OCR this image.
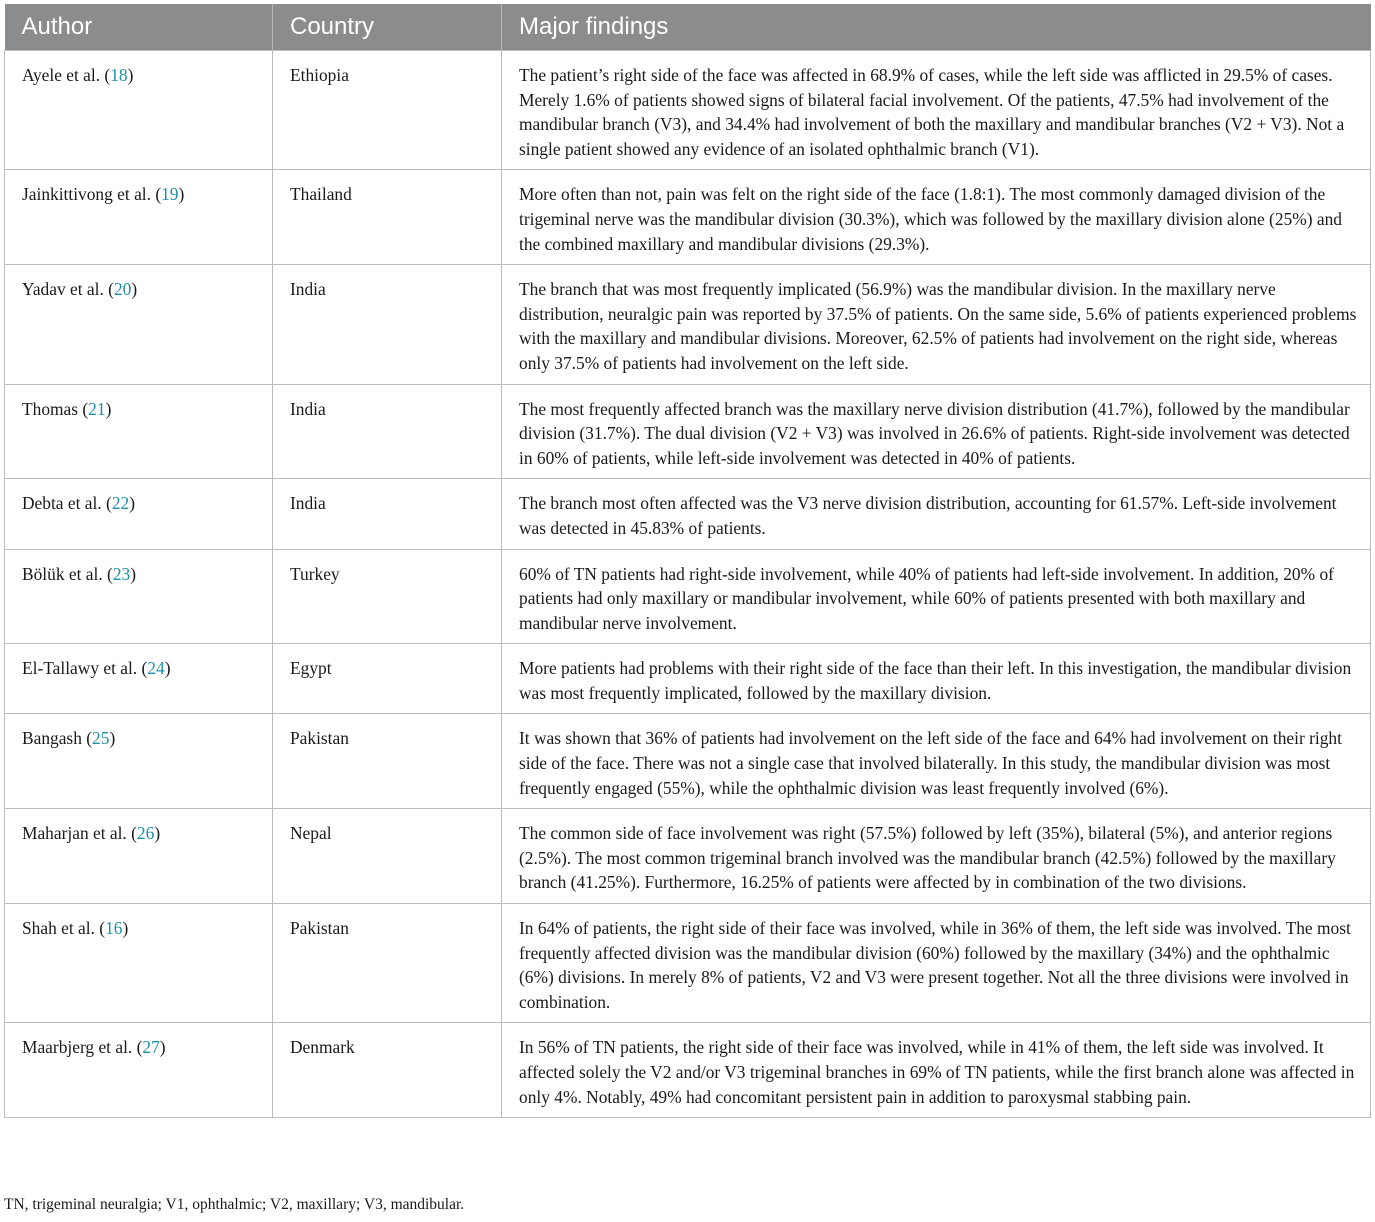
Author	Country	Major findings
Ayele et al. (18)	Ethiopia	The patient’s right side of the face was affected in 68.9% of cases, while the left side was afflicted in 29.5% of cases. Merely 1.6% of patients showed signs of bilateral facial involvement. Of the patients, 47.5% had involvement of the mandibular branch (V3), and 34.4% had involvement of both the maxillary and mandibular branches (V2 + V3). Not a single patient showed any evidence of an isolated ophthalmic branch (V1).
Jainkittivong et al. (19)	Thailand	More often than not, pain was felt on the right side of the face (1.8:1). The most commonly damaged division of the trigeminal nerve was the mandibular division (30.3%), which was followed by the maxillary division alone (25%) and the combined maxillary and mandibular divisions (29.3%).
Yadav et al. (20)	India	The branch that was most frequently implicated (56.9%) was the mandibular division. In the maxillary nerve distribution, neuralgic pain was reported by 37.5% of patients. On the same side, 5.6% of patients experienced problems with the maxillary and mandibular divisions. Moreover, 62.5% of patients had involvement on the right side, whereas only 37.5% of patients had involvement on the left side.
Thomas (21)	India	The most frequently affected branch was the maxillary nerve division distribution (41.7%), followed by the mandibular division (31.7%). The dual division (V2 + V3) was involved in 26.6% of patients. Right-side involvement was detected in 60% of patients, while left-side involvement was detected in 40% of patients.
Debta et al. (22)	India	The branch most often affected was the V3 nerve division distribution, accounting for 61.57%. Left-side involvement was detected in 45.83% of patients.
Bölük et al. (23)	Turkey	60% of TN patients had right-side involvement, while 40% of patients had left-side involvement. In addition, 20% of patients had only maxillary or mandibular involvement, while 60% of patients presented with both maxillary and mandibular nerve involvement.
El-Tallawy et al. (24)	Egypt	More patients had problems with their right side of the face than their left. In this investigation, the mandibular division was most frequently implicated, followed by the maxillary division.
Bangash (25)	Pakistan	It was shown that 36% of patients had involvement on the left side of the face and 64% had involvement on their right side of the face. There was not a single case that involved bilaterally. In this study, the mandibular division was most frequently engaged (55%), while the ophthalmic division was least frequently involved (6%).
Maharjan et al. (26)	Nepal	The common side of face involvement was right (57.5%) followed by left (35%), bilateral (5%), and anterior regions (2.5%). The most common trigeminal branch involved was the mandibular branch (42.5%) followed by the maxillary branch (41.25%). Furthermore, 16.25% of patients were affected by in combination of the two divisions.
Shah et al. (16)	Pakistan	In 64% of patients, the right side of their face was involved, while in 36% of them, the left side was involved. The most frequently affected division was the mandibular division (60%) followed by the maxillary (34%) and the ophthalmic (6%) divisions. In merely 8% of patients, V2 and V3 were present together. Not all the three divisions were involved in combination.
Maarbjerg et al. (27)	Denmark	In 56% of TN patients, the right side of their face was involved, while in 41% of them, the left side was involved. It affected solely the V2 and/or V3 trigeminal branches in 69% of TN patients, while the first branch alone was affected in only 4%. Notably, 49% had concomitant persistent pain in addition to paroxysmal stabbing pain.
TN, trigeminal neuralgia; V1, ophthalmic; V2, maxillary; V3, mandibular.
